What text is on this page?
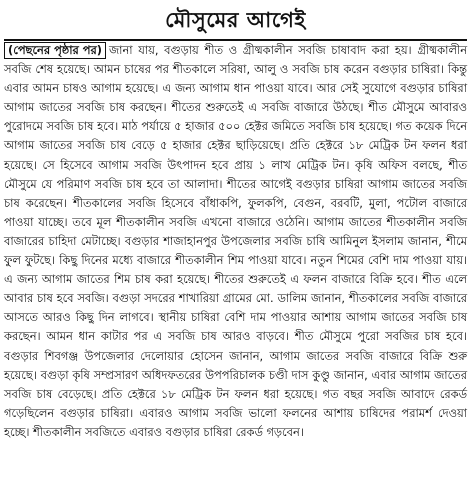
মৌসুমের আগেই

(পেছনের পৃষ্ঠার পর) জানা যায়, বগুড়ায় শীত ও গ্রীষ্মকালীন সবজি চাষাবাদ করা হয়। গ্রীষ্মকালীন সবজি শেষ হয়েছে। আমন চাষের পর শীতকালে সরিষা, আলু ও সবজি চাষ করেন বগুড়ার চাষিরা। কিন্তু এবার আমন চাষও আগাম হয়েছে। এ জন্য আগাম ধান পাওয়া যাবে। আর সেই সুযোগে বগুড়ার চাষিরা আগাম জাতের সবজি চাষ করছেন। শীতের শুরুতেই এ সবজি বাজারে উঠছে। শীত মৌসুমে আবারও পুরোদমে সবজি চাষ হবে। মাঠ পর্যায়ে ৫ হাজার ৫০০ হেক্টর জমিতে সবজি চাষ হয়েছে। গত কয়েক দিনে আগাম জাতের সবজি চাষ বেড়ে ৫ হাজার হেক্টর ছাড়িয়েছে। প্রতি হেক্টরে ১৮ মেট্রিক টন ফলন ধরা হয়েছে। সে হিসেবে আগাম সবজি উৎপাদন হবে প্রায় ১ লাখ মেট্রিক টন। কৃষি অফিস বলছে, শীত মৌসুমে যে পরিমাণ সবজি চাষ হবে তা আলাদা। শীতের আগেই বগুড়ার চাষিরা আগাম জাতের সবজি চাষ করেছেন। শীতকালের সবজি হিসেবে বাঁধাকপি, ফুলকপি, বেগুন, বরবটি, মুলা, পটোল বাজারে পাওয়া যাচ্ছে। তবে মূল শীতকালীন সবজি এখনো বাজারে ওঠেনি। আগাম জাতের শীতকালীন সবজি বাজারের চাহিদা মেটাচ্ছে। বগুড়ার শাজাহানপুর উপজেলার সবজি চাষি আমিনুল ইসলাম জানান, শীমে ফুল ফুটছে। কিছু দিনের মধ্যে বাজারে শীতকালীন শিম পাওয়া যাবে। নতুন শিমের বেশি দাম পাওয়া যায়। এ জন্য আগাম জাতের শিম চাষ করা হয়েছে। শীতের শুরুতেই এ ফলন বাজারে বিক্রি হবে। শীত এলে আবার চাষ হবে সবজি। বগুড়া সদরের শাখারিয়া গ্রামের মো. ডালিম জানান, শীতকালের সবজি বাজারে আসতে আরও কিছু দিন লাগবে। স্থানীয় চাষিরা বেশি দাম পাওয়ার আশায় আগাম জাতের সবজি চাষ করছেন। আমন ধান কাটার পর এ সবজি চাষ আরও বাড়বে। শীত মৌসুমে পুরো সবজির চাষ হবে। বগুড়ার শিবগঞ্জ উপজেলার দেলোয়ার হোসেন জানান, আগাম জাতের সবজি বাজারে বিক্রি শুরু হয়েছে। বগুড়া কৃষি সম্প্রসারণ অধিদফতরের উপপরিচালক চণ্ডী দাস কুণ্ডু জানান, এবার আগাম জাতের সবজি চাষ বেড়েছে। প্রতি হেক্টরে ১৮ মেট্রিক টন ফলন ধরা হয়েছে। গত বছর সবজি আবাদে রেকর্ড গড়েছিলেন বগুড়ার চাষিরা। এবারও আগাম সবজি ভালো ফলনের আশায় চাষিদের পরামর্শ দেওয়া হচ্ছে। শীতকালীন সবজিতে এবারও বগুড়ার চাষিরা রেকর্ড গড়বেন।
